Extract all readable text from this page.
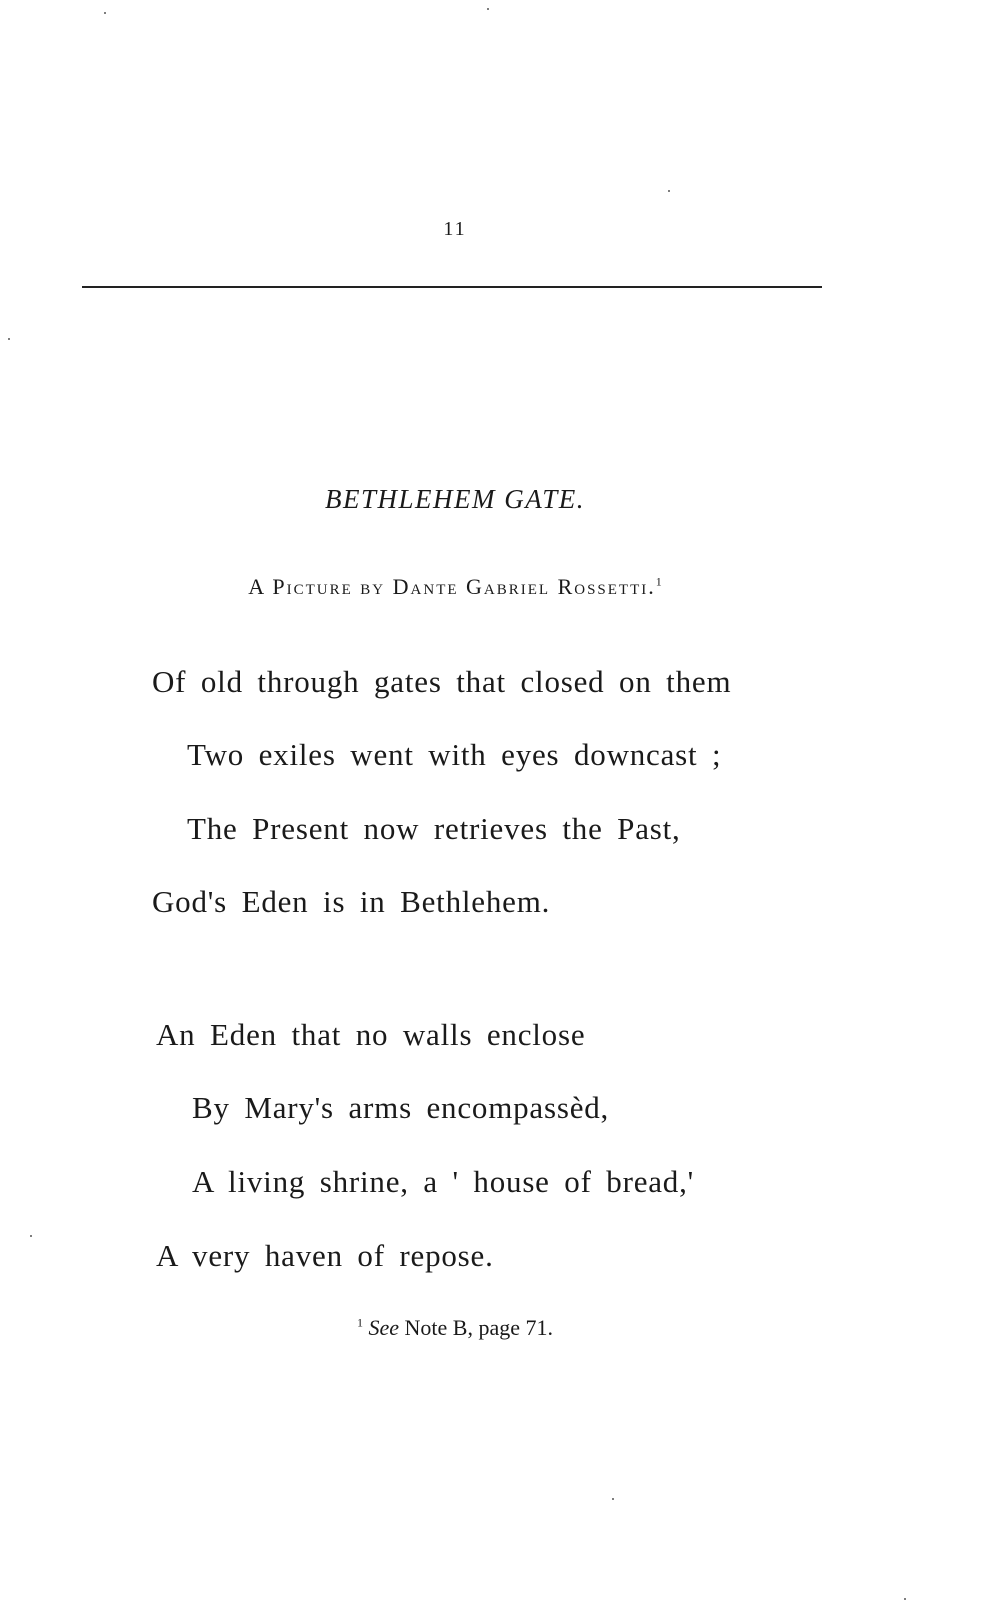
11
BETHLEHEM GATE.
A Picture by Dante Gabriel Rossetti.$^1$
Of old through gates that closed on them
Two exiles went with eyes downcast ;
The Present now retrieves the Past,
God's Eden is in Bethlehem.
An Eden that no walls enclose
By Mary's arms encompassèd,
A living shrine, a ' house of bread,'
A very haven of repose.
$^1$ See Note B, page 71.
